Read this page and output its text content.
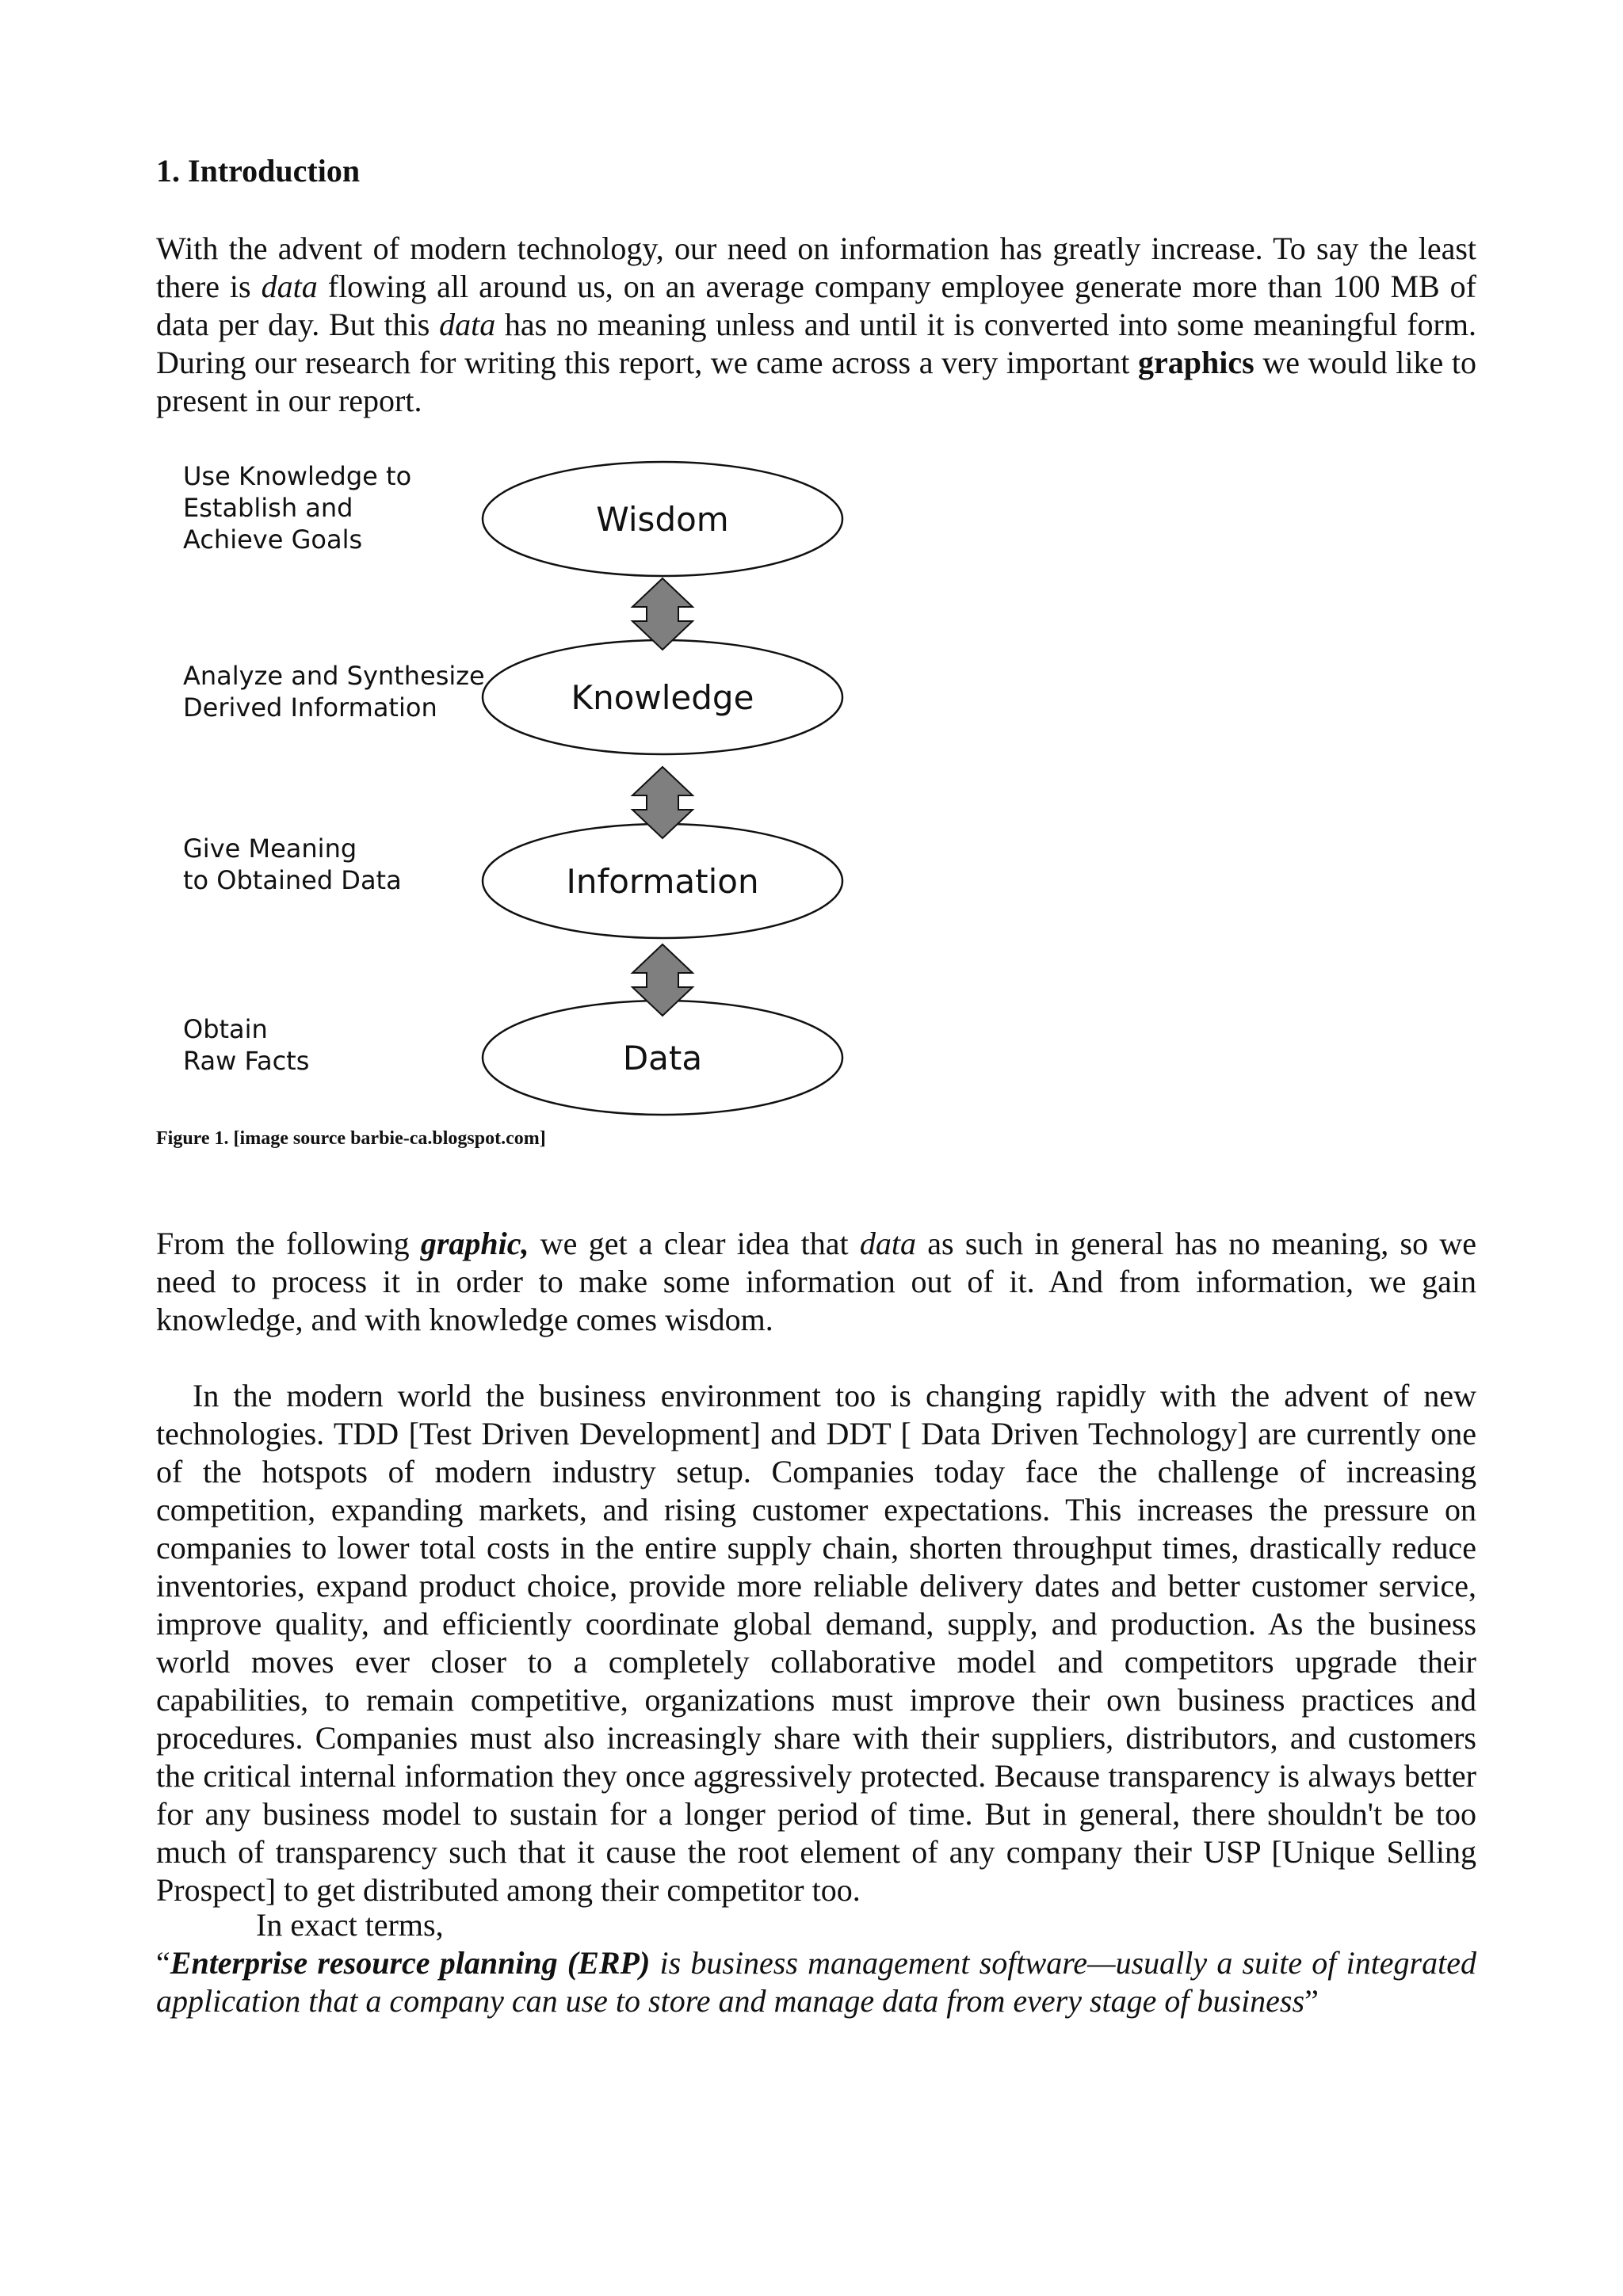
1. Introduction

With the advent of modern technology, our need on information has greatly increase. To say the least there is data flowing all around us, on an average company employee generate more than 100 MB of data per day. But this data has no meaning unless and until it is converted into some meaningful form. During our research for writing this report, we came across a very important graphics we would like to present in our report.

Use Knowledge to
Establish and
Achieve Goals
Analyze and Synthesize
Derived Information
Give Meaning
to Obtained Data
Obtain
Raw Facts
Wisdom
Knowledge
Information
Data

Figure 1. [image source barbie-ca.blogspot.com]

From the following graphic, we get a clear idea that data as such in general has no meaning, so we need to process it in order to make some information out of it. And from information, we gain knowledge, and with knowledge comes wisdom.

In the modern world the business environment too is changing rapidly with the advent of new technologies. TDD [Test Driven Development] and DDT [ Data Driven Technology] are currently one of the hotspots of modern industry setup. Companies today face the challenge of increasing competition, expanding markets, and rising customer expectations. This increases the pressure on companies to lower total costs in the entire supply chain, shorten throughput times, drastically reduce inventories, expand product choice, provide more reliable delivery dates and better customer service, improve quality, and efficiently coordinate global demand, supply, and production. As the business world moves ever closer to a completely collaborative model and competitors upgrade their capabilities, to remain competitive, organizations must improve their own business practices and procedures. Companies must also increasingly share with their suppliers, distributors, and customers the critical internal information they once aggressively protected. Because transparency is always better for any business model to sustain for a longer period of time. But in general, there shouldn't be too much of transparency such that it cause the root element of any company their USP [Unique Selling Prospect] to get distributed among their competitor too.

In exact terms,

“Enterprise resource planning (ERP) is business management software—usually a suite of integrated application that a company can use to store and manage data from every stage of business”
